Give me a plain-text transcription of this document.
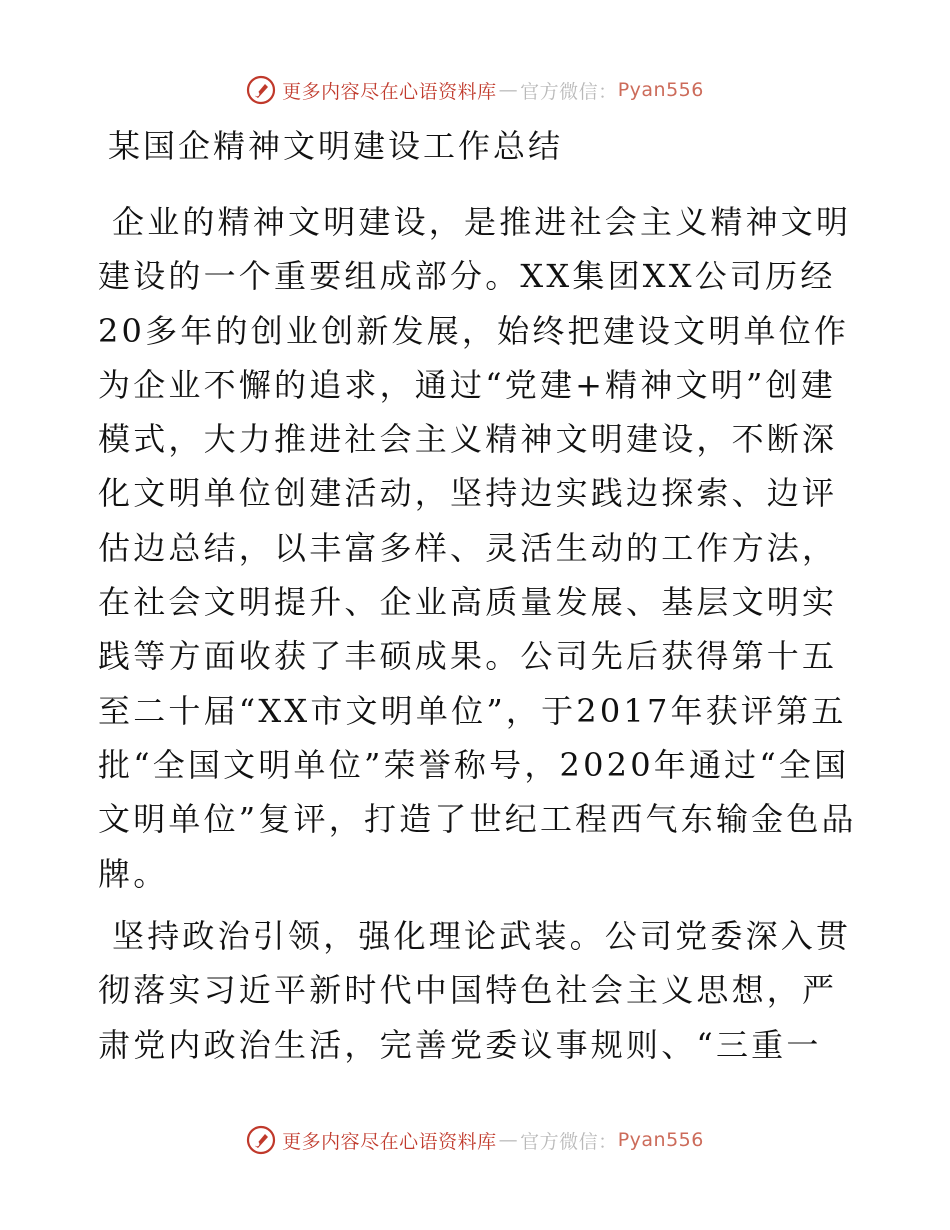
更多内容尽在心语资料库 — 官方微信： Pyan556
某国企精神文明建设工作总结

企业的精神文明建设，是推进社会主义精神文明建设的一个重要组成部分。XX集团XX公司历经20多年的创业创新发展，始终把建设文明单位作为企业不懈的追求，通过“党建+精神文明”创建模式，大力推进社会主义精神文明建设，不断深化文明单位创建活动，坚持边实践边探索、边评估边总结，以丰富多样、灵活生动的工作方法，在社会文明提升、企业高质量发展、基层文明实践等方面收获了丰硕成果。公司先后获得第十五至二十届“XX市文明单位”，于2017年获评第五批“全国文明单位”荣誉称号，2020年通过“全国文明单位”复评，打造了世纪工程西气东输金色品牌。

坚持政治引领，强化理论武装。公司党委深入贯彻落实习近平新时代中国特色社会主义思想，严肃党内政治生活，完善党委议事规则、“三重一

更多内容尽在心语资料库 — 官方微信： Pyan556
